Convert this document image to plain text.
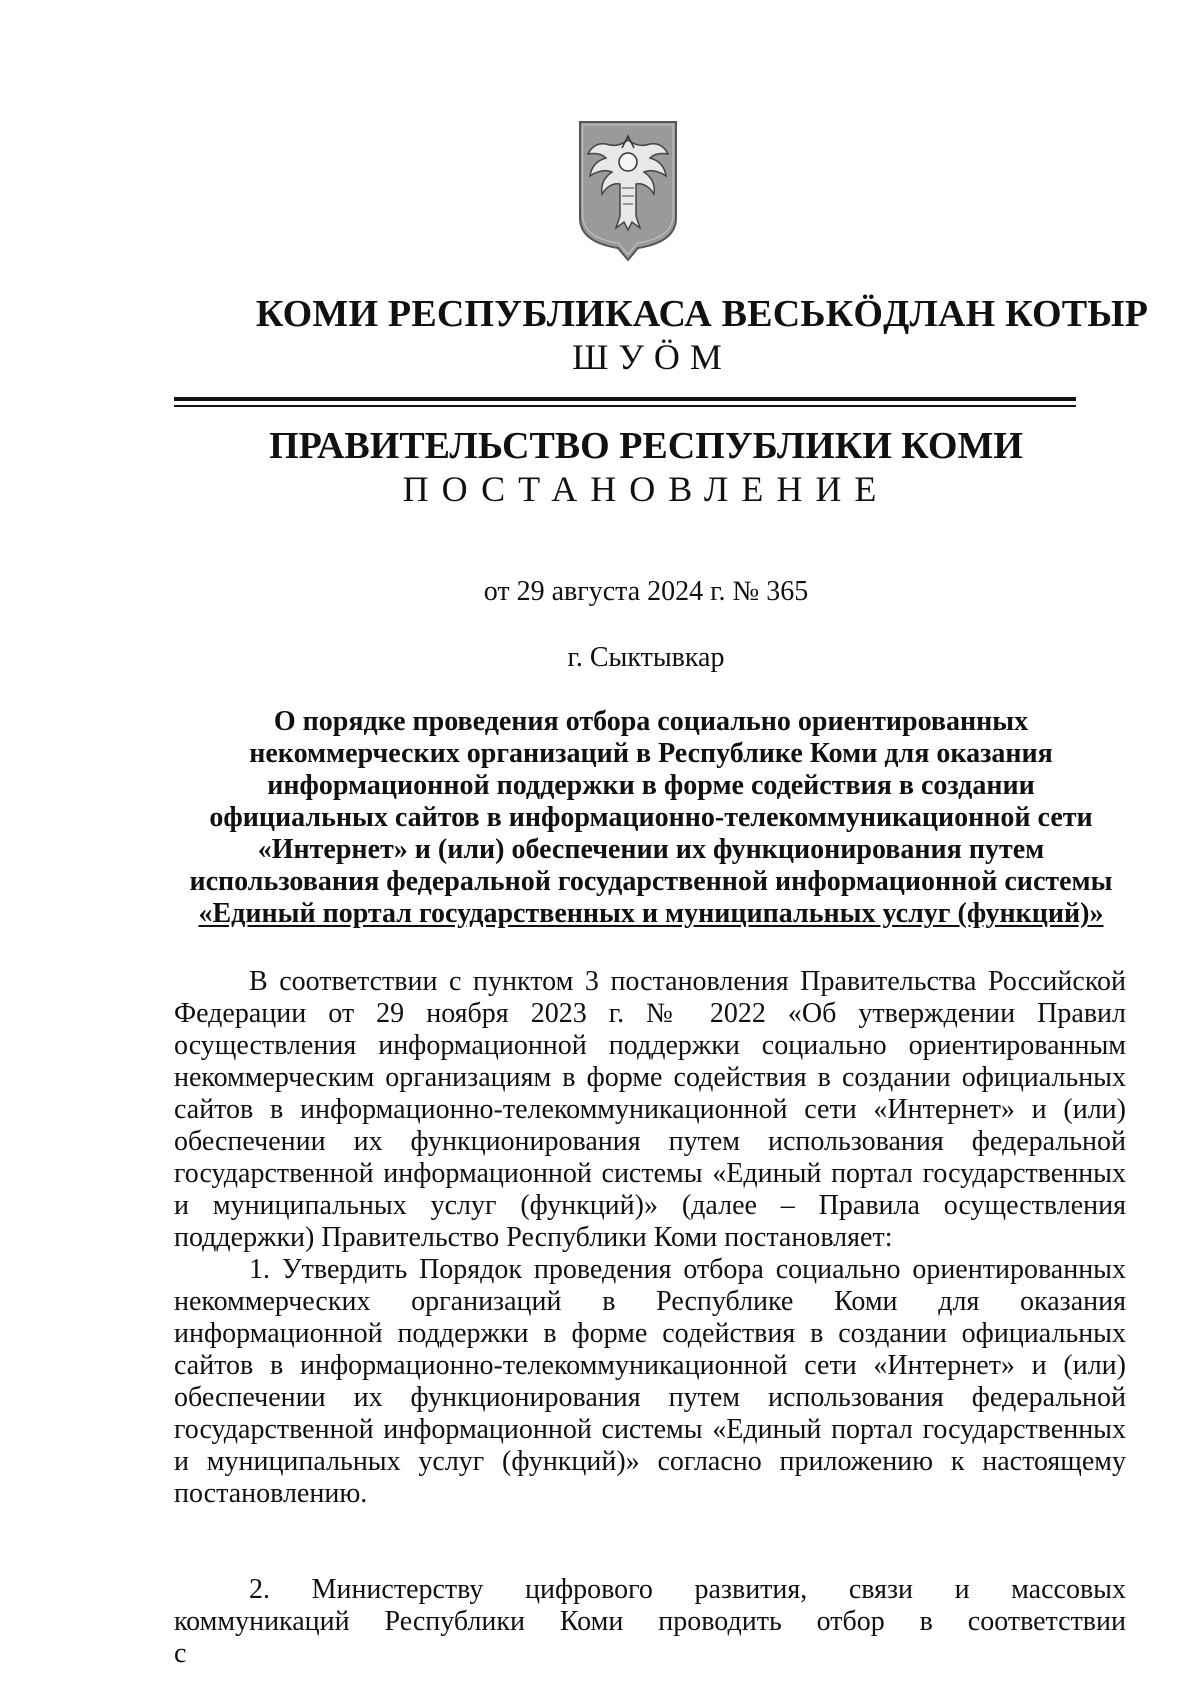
КОМИ РЕСПУБЛИКАСА ВЕСЬКӦДЛАН КОТЫР
ШУӦМ
ПРАВИТЕЛЬСТВО РЕСПУБЛИКИ КОМИ
ПОСТАНОВЛЕНИЕ
от 29 августа 2024 г. № 365
г. Сыктывкар
О порядке проведения отбора социально ориентированных
некоммерческих организаций в Республике Коми для оказания
информационной поддержки в форме содействия в создании
официальных сайтов в информационно-телекоммуникационной сети
«Интернет» и (или) обеспечении их функционирования путем
использования федеральной государственной информационной системы
«Единый портал государственных и муниципальных услуг (функций)»

В соответствии с пунктом 3 постановления Правительства Российской Федерации от 29 ноября 2023 г. № 2022 «Об утверждении Правил осуществления информационной поддержки социально ориентированным некоммерческим организациям в форме содействия в создании официальных сайтов в информационно-телекоммуникационной сети «Интернет» и (или) обеспечении их функционирования путем использования федеральной государственной информационной системы «Единый портал государственных и муниципальных услуг (функций)» (далее – Правила осуществления поддержки) Правительство Республики Коми постановляет:

1. Утвердить Порядок проведения отбора социально ориентированных некоммерческих организаций в Республике Коми для оказания информационной поддержки в форме содействия в создании официальных сайтов в информационно-телекоммуникационной сети «Интернет» и (или) обеспечении их функционирования путем использования федеральной государственной информационной системы «Единый портал государственных и муниципальных услуг (функций)» согласно приложению к настоящему постановлению.

2. Министерству цифрового развития, связи и массовых коммуникаций Республики Коми проводить отбор в соответствии с
